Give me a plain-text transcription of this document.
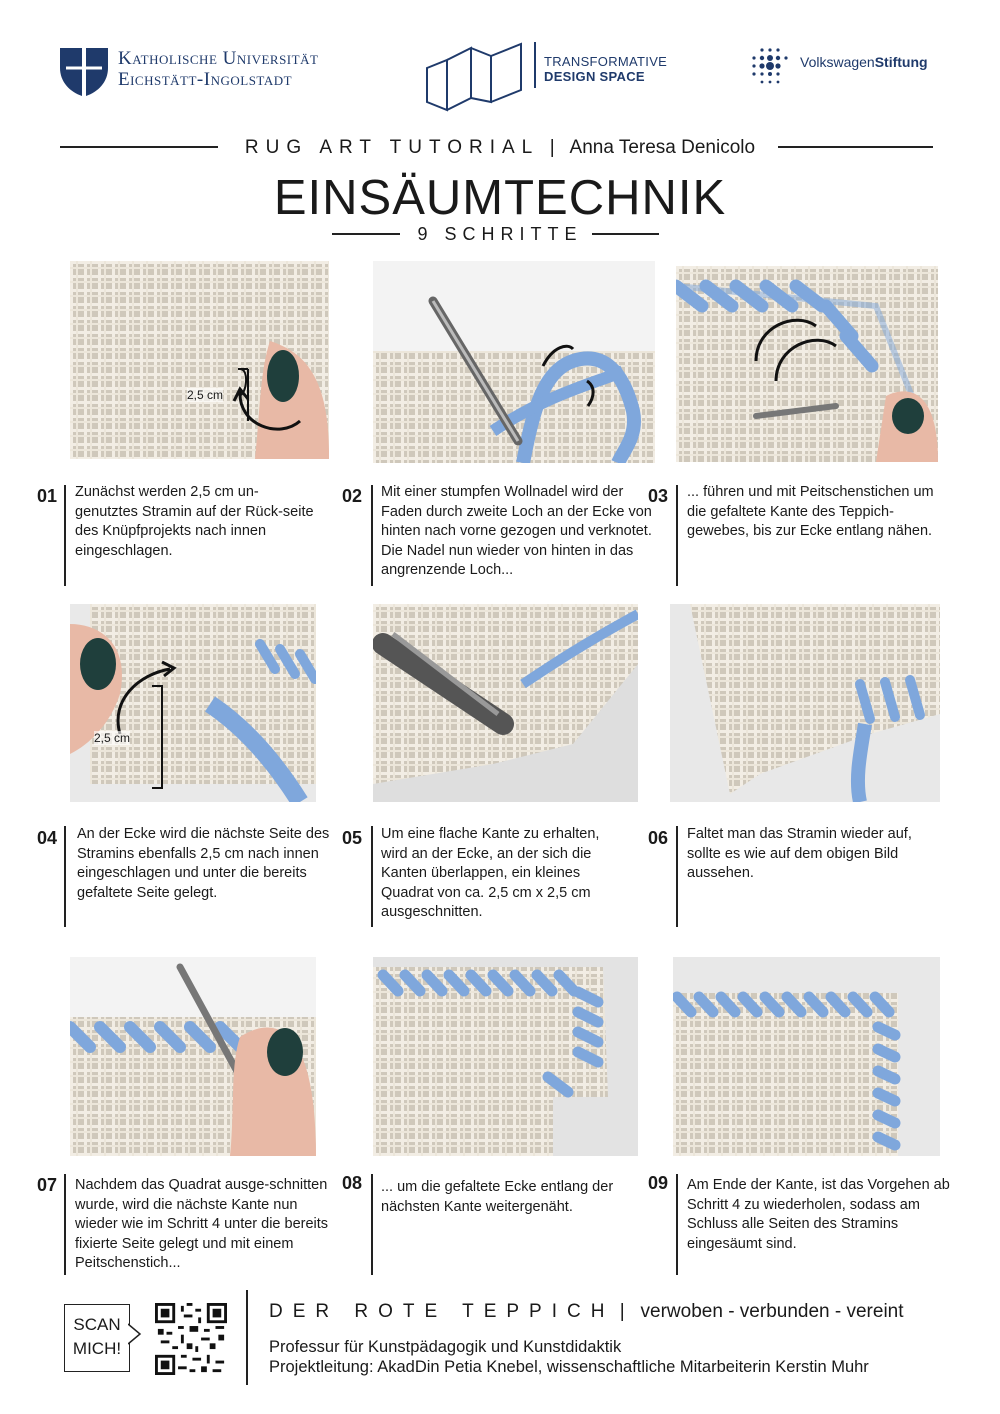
Katholische Universität
Eichstätt-Ingolstadt
TRANSFORMATIVE
DESIGN SPACE
VolkswagenStiftung
RUG ART TUTORIAL | Anna Teresa Denicolo
EINSÄUMTECHNIK
9 SCHRITTE
2,5 cm
2,5 cm
01 Zunächst werden 2,5 cm un-genutztes Stramin auf der Rück-seite des Knüpfprojekts nach innen eingeschlagen.
02 Mit einer stumpfen Wollnadel wird der Faden durch zweite Loch an der Ecke von hinten nach vorne gezogen und verknotet. Die Nadel nun wieder von hinten in das angrenzende Loch...
03 ... führen und mit Peitschenstichen um die gefaltete Kante des Teppich-gewebes, bis zur Ecke entlang nähen.
04 An der Ecke wird die nächste Seite des Stramins ebenfalls 2,5 cm nach innen eingeschlagen und unter die bereits gefaltete Seite gelegt.
05 Um eine flache Kante zu erhalten, wird an der Ecke, an der sich die Kanten überlappen, ein kleines Quadrat von ca. 2,5 cm x 2,5 cm ausgeschnitten.
06 Faltet man das Stramin wieder auf, sollte es wie auf dem obigen Bild aussehen.
07 Nachdem das Quadrat ausge-schnitten wurde, wird die nächste Kante nun wieder wie im Schritt 4 unter die bereits fixierte Seite gelegt und mit einem Peitschenstich...
08 ... um die gefaltete Ecke entlang der nächsten Kante weitergenäht.
09 Am Ende der Kante, ist das Vorgehen ab Schritt 4 zu wiederholen, sodass am Schluss alle Seiten des Stramins eingesäumt sind.
SCAN
MICH!
DER ROTE TEPPICH | verwoben - verbunden - vereint
Professur für Kunstpädagogik und Kunstdidaktik
Projektleitung: AkadDin Petia Knebel, wissenschaftliche Mitarbeiterin Kerstin Muhr
